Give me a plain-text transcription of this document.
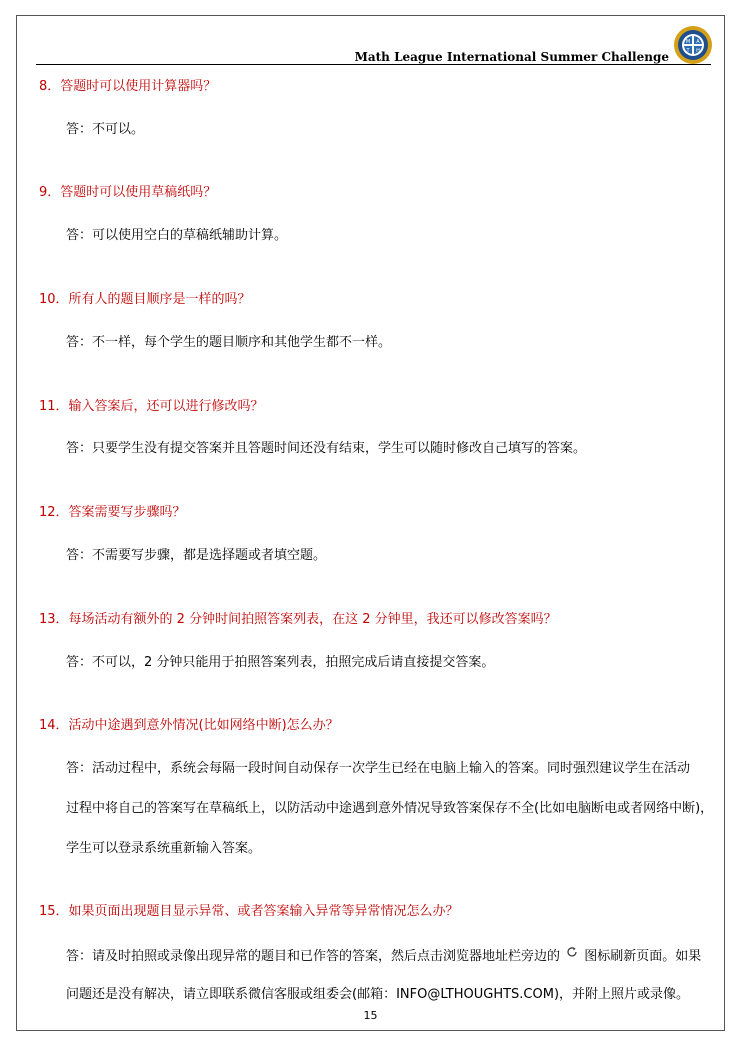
M A
T H
Math League International Summer Challenge
8．答题时可以使用计算器吗？
答：不可以。
9．答题时可以使用草稿纸吗？
答：可以使用空白的草稿纸辅助计算。
10．所有人的题目顺序是一样的吗？
答：不一样，每个学生的题目顺序和其他学生都不一样。
11．输入答案后，还可以进行修改吗？
答：只要学生没有提交答案并且答题时间还没有结束，学生可以随时修改自己填写的答案。
12．答案需要写步骤吗？
答：不需要写步骤，都是选择题或者填空题。
13．每场活动有额外的 2 分钟时间拍照答案列表，在这 2 分钟里，我还可以修改答案吗？
答：不可以，2 分钟只能用于拍照答案列表，拍照完成后请直接提交答案。
14．活动中途遇到意外情况(比如网络中断)怎么办？
答：活动过程中，系统会每隔一段时间自动保存一次学生已经在电脑上输入的答案。同时强烈建议学生在活动
过程中将自己的答案写在草稿纸上，以防活动中途遇到意外情况导致答案保存不全(比如电脑断电或者网络中断)，
学生可以登录系统重新输入答案。
15．如果页面出现题目显示异常、或者答案输入异常等异常情况怎么办？
答：请及时拍照或录像出现异常的题目和已作答的答案，然后点击浏览器地址栏旁边的 图标刷新页面。如果
问题还是没有解决，请立即联系微信客服或组委会(邮箱：INFO@LTHOUGHTS.COM)，并附上照片或录像。
15
